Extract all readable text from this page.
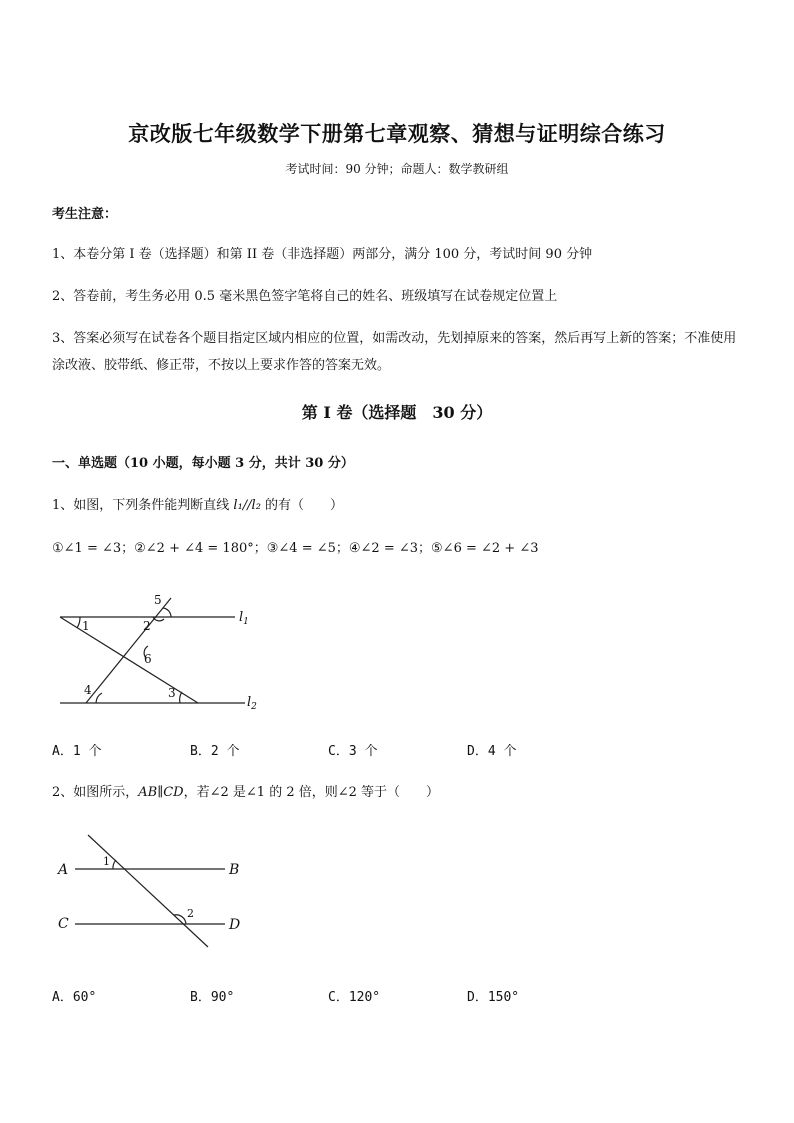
京改版七年级数学下册第七章观察、猜想与证明综合练习
考试时间：90 分钟；命题人：数学教研组
考生注意：
1、本卷分第 I 卷（选择题）和第 II 卷（非选择题）两部分，满分 100 分，考试时间 90 分钟
2、答卷前，考生务必用 0.5 毫米黑色签字笔将自己的姓名、班级填写在试卷规定位置上
3、答案必须写在试卷各个题目指定区域内相应的位置，如需改动，先划掉原来的答案，然后再写上新的答案；不准使用涂改液、胶带纸、修正带，不按以上要求作答的答案无效。
第 I 卷（选择题　30 分）
一、单选题（10 小题，每小题 3 分，共计 30 分）
1、如图，下列条件能判断直线 l₁//l₂ 的有（　　）
①∠1 = ∠3；②∠2 + ∠4 = 180°；③∠4 = ∠5；④∠2 = ∠3；⑤∠6 = ∠2 + ∠3
1	2
3
4
5
6
$l_1$
$l_2$
A．1 个	B．2 个	C．3 个	D．4 个
2、如图所示，AB∥CD，若∠2 是∠1 的 2 倍，则∠2 等于（　　）
A	B
C	D
1
2
A．60°	B．90°	C．120°	D．150°
